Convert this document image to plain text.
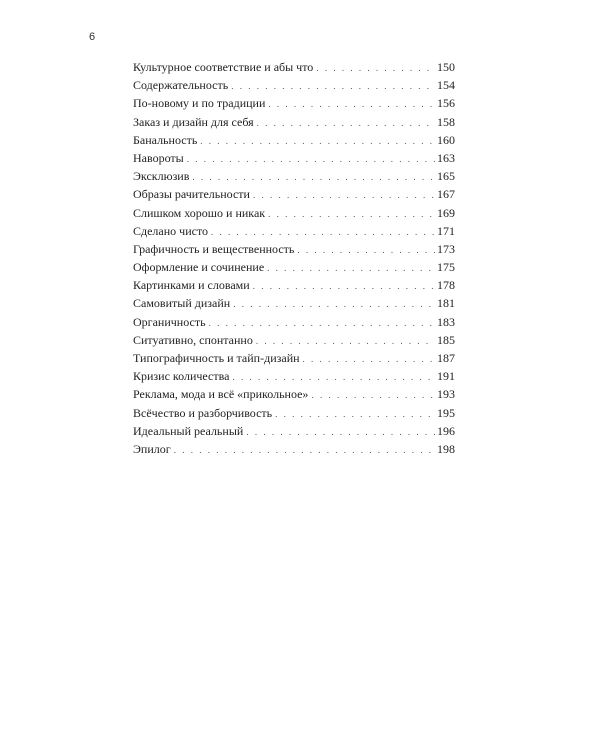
6
Культурное соответствие и абы что . . .	150
Содержательность . . .	154
По-новому и по традиции . . .	156
Заказ и дизайн для себя . . .	158
Банальность . . .	160
Навороты . . .	163
Эксклюзив . . .	165
Образы рачительности . . .	167
Слишком хорошо и никак . . .	169
Сделано чисто . . .	171
Графичность и вещественность . . .	173
Оформление и сочинение . . .	175
Картинками и словами . . .	178
Самовитый дизайн . . .	181
Органичность . . .	183
Ситуативно, спонтанно . . .	185
Типографичность и тайп-дизайн . . .	187
Кризис количества . . .	191
Реклама, мода и всё «прикольное» . . .	193
Всёчество и разборчивость . . .	195
Идеальный реальный . . .	196
Эпилог . . .	198
